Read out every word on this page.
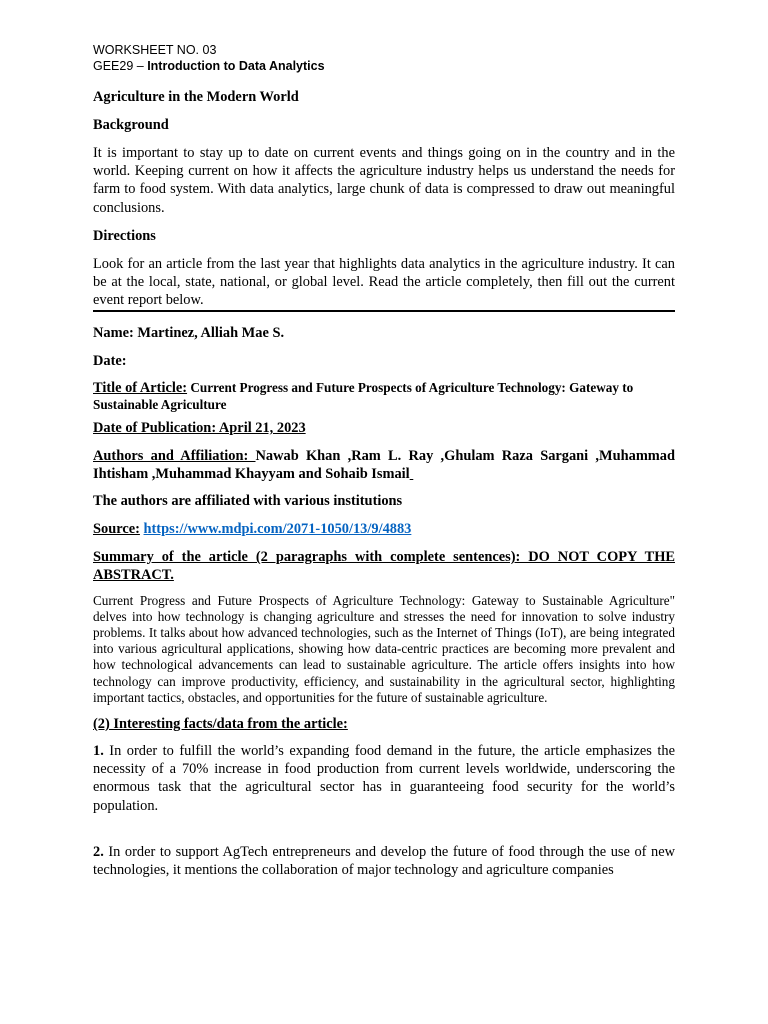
WORKSHEET NO. 03

GEE29 – Introduction to Data Analytics

Agriculture in the Modern World

Background

It is important to stay up to date on current events and things going on in the country and in the world. Keeping current on how it affects the agriculture industry helps us understand the needs for farm to food system. With data analytics, large chunk of data is compressed to draw out meaningful conclusions.

Directions

Look for an article from the last year that highlights data analytics in the agriculture industry. It can be at the local, state, national, or global level. Read the article completely, then fill out the current event report below.

Name: Martinez, Alliah Mae S.

Date:

Title of Article: Current Progress and Future Prospects of Agriculture Technology: Gateway to Sustainable Agriculture

Date of Publication: April 21, 2023

Authors and Affiliation: Nawab Khan ,Ram L. Ray ,Ghulam Raza Sargani ,Muhammad Ihtisham ,Muhammad Khayyam and Sohaib Ismail

The authors are affiliated with various institutions

Source: https://www.mdpi.com/2071-1050/13/9/4883

Summary of the article (2 paragraphs with complete sentences): DO NOT COPY THE ABSTRACT.

Current Progress and Future Prospects of Agriculture Technology: Gateway to Sustainable Agriculture" delves into how technology is changing agriculture and stresses the need for innovation to solve industry problems. It talks about how advanced technologies, such as the Internet of Things (IoT), are being integrated into various agricultural applications, showing how data-centric practices are becoming more prevalent and how technological advancements can lead to sustainable agriculture. The article offers insights into how technology can improve productivity, efficiency, and sustainability in the agricultural sector, highlighting important tactics, obstacles, and opportunities for the future of sustainable agriculture.

(2) Interesting facts/data from the article:

1. In order to fulfill the world’s expanding food demand in the future, the article emphasizes the necessity of a 70% increase in food production from current levels worldwide, underscoring the enormous task that the agricultural sector has in guaranteeing food security for the world’s population.

2. In order to support AgTech entrepreneurs and develop the future of food through the use of new technologies, it mentions the collaboration of major technology and agriculture companies
